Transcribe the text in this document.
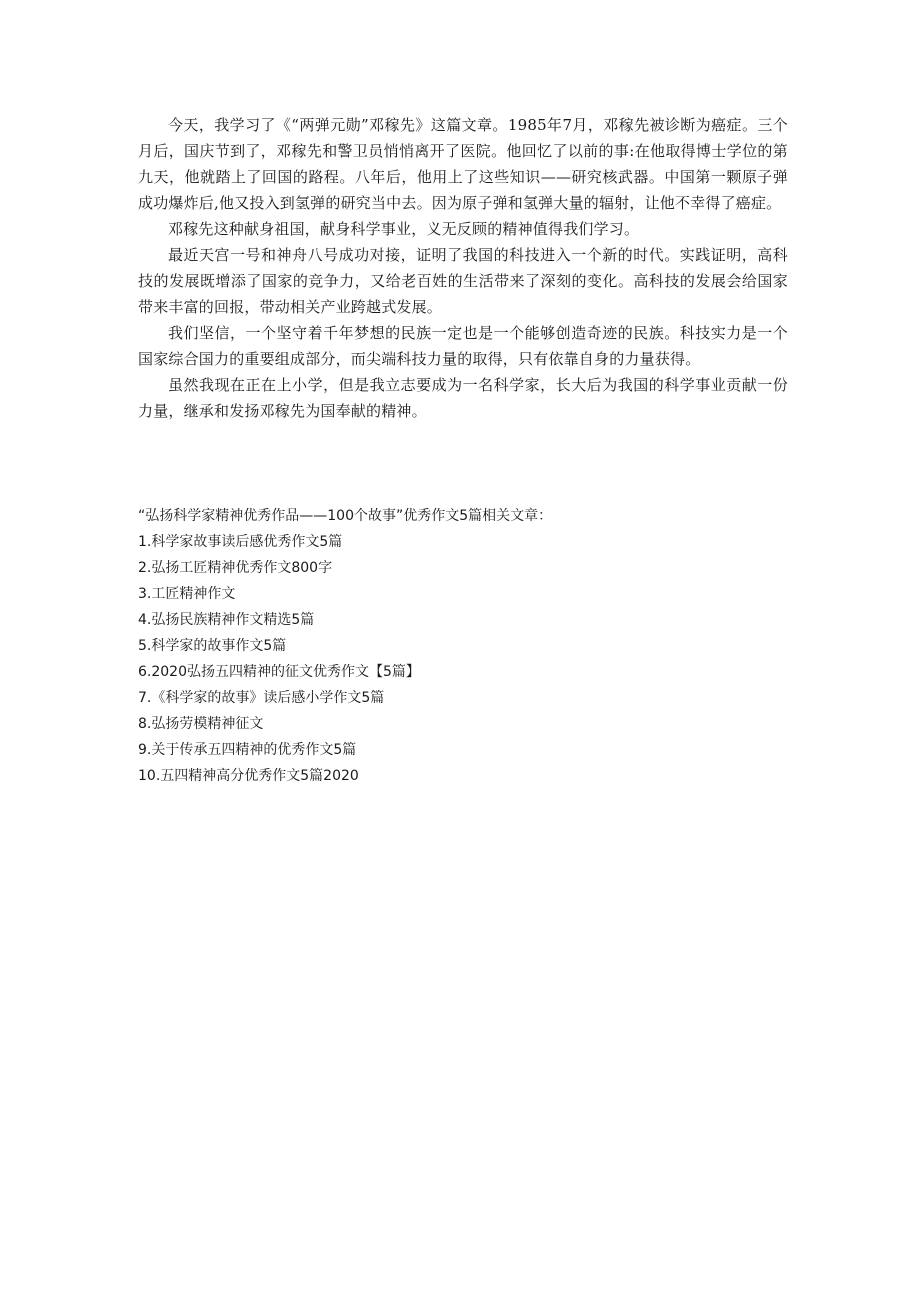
今天，我学习了《“两弹元勋”邓稼先》这篇文章。1985年7月，邓稼先被诊断为癌症。三个月后，国庆节到了，邓稼先和警卫员悄悄离开了医院。他回忆了以前的事:在他取得博士学位的第九天，他就踏上了回国的路程。八年后，他用上了这些知识——研究核武器。中国第一颗原子弹成功爆炸后,他又投入到氢弹的研究当中去。因为原子弹和氢弹大量的辐射，让他不幸得了癌症。

邓稼先这种献身祖国，献身科学事业，义无反顾的精神值得我们学习。

最近天宫一号和神舟八号成功对接，证明了我国的科技进入一个新的时代。实践证明，高科技的发展既增添了国家的竞争力，又给老百姓的生活带来了深刻的变化。高科技的发展会给国家带来丰富的回报，带动相关产业跨越式发展。

我们坚信，一个坚守着千年梦想的民族一定也是一个能够创造奇迹的民族。科技实力是一个国家综合国力的重要组成部分，而尖端科技力量的取得，只有依靠自身的力量获得。

虽然我现在正在上小学，但是我立志要成为一名科学家，长大后为我国的科学事业贡献一份力量，继承和发扬邓稼先为国奉献的精神。

“弘扬科学家精神优秀作品——100个故事”优秀作文5篇相关文章：
1.科学家故事读后感优秀作文5篇
2.弘扬工匠精神优秀作文800字
3.工匠精神作文
4.弘扬民族精神作文精选5篇
5.科学家的故事作文5篇
6.2020弘扬五四精神的征文优秀作文【5篇】
7.《科学家的故事》读后感小学作文5篇
8.弘扬劳模精神征文
9.关于传承五四精神的优秀作文5篇
10.五四精神高分优秀作文5篇2020
